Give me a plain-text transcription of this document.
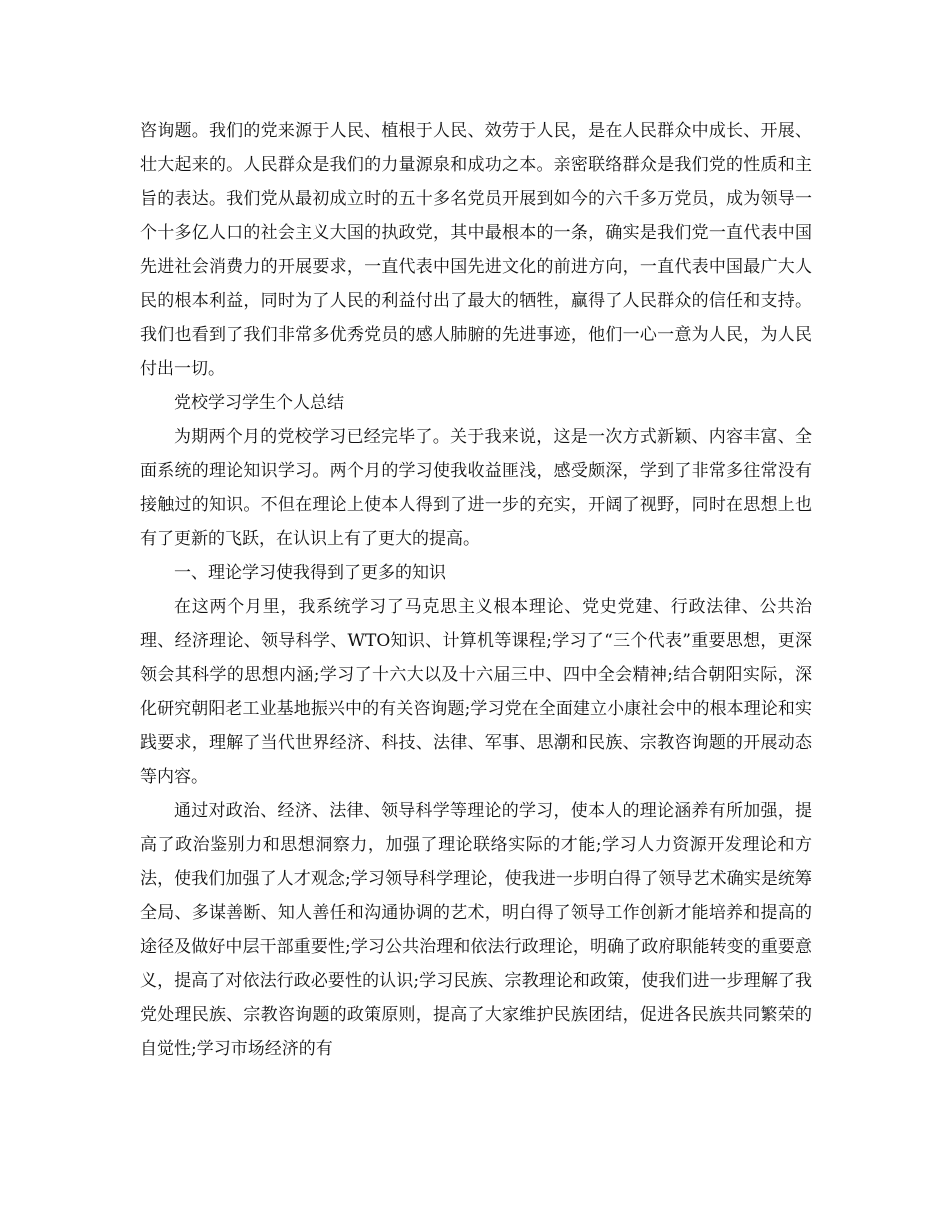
咨询题。我们的党来源于人民、植根于人民、效劳于人民，是在人民群众中成长、开展、壮大起来的。人民群众是我们的力量源泉和成功之本。亲密联络群众是我们党的性质和主旨的表达。我们党从最初成立时的五十多名党员开展到如今的六千多万党员，成为领导一个十多亿人口的社会主义大国的执政党，其中最根本的一条，确实是我们党一直代表中国先进社会消费力的开展要求，一直代表中国先进文化的前进方向，一直代表中国最广大人民的根本利益，同时为了人民的利益付出了最大的牺牲，赢得了人民群众的信任和支持。我们也看到了我们非常多优秀党员的感人肺腑的先进事迹，他们一心一意为人民，为人民付出一切。

党校学习学生个人总结

为期两个月的党校学习已经完毕了。关于我来说，这是一次方式新颖、内容丰富、全面系统的理论知识学习。两个月的学习使我收益匪浅，感受颇深，学到了非常多往常没有接触过的知识。不但在理论上使本人得到了进一步的充实，开阔了视野，同时在思想上也有了更新的飞跃，在认识上有了更大的提高。

一、理论学习使我得到了更多的知识

在这两个月里，我系统学习了马克思主义根本理论、党史党建、行政法律、公共治理、经济理论、领导科学、WTO知识、计算机等课程;学习了“三个代表”重要思想，更深领会其科学的思想内涵;学习了十六大以及十六届三中、四中全会精神;结合朝阳实际，深化研究朝阳老工业基地振兴中的有关咨询题;学习党在全面建立小康社会中的根本理论和实践要求，理解了当代世界经济、科技、法律、军事、思潮和民族、宗教咨询题的开展动态等内容。

通过对政治、经济、法律、领导科学等理论的学习，使本人的理论涵养有所加强，提高了政治鉴别力和思想洞察力，加强了理论联络实际的才能;学习人力资源开发理论和方法，使我们加强了人才观念;学习领导科学理论，使我进一步明白得了领导艺术确实是统筹全局、多谋善断、知人善任和沟通协调的艺术，明白得了领导工作创新才能培养和提高的途径及做好中层干部重要性;学习公共治理和依法行政理论，明确了政府职能转变的重要意义，提高了对依法行政必要性的认识;学习民族、宗教理论和政策，使我们进一步理解了我党处理民族、宗教咨询题的政策原则，提高了大家维护民族团结，促进各民族共同繁荣的自觉性;学习市场经济的有
